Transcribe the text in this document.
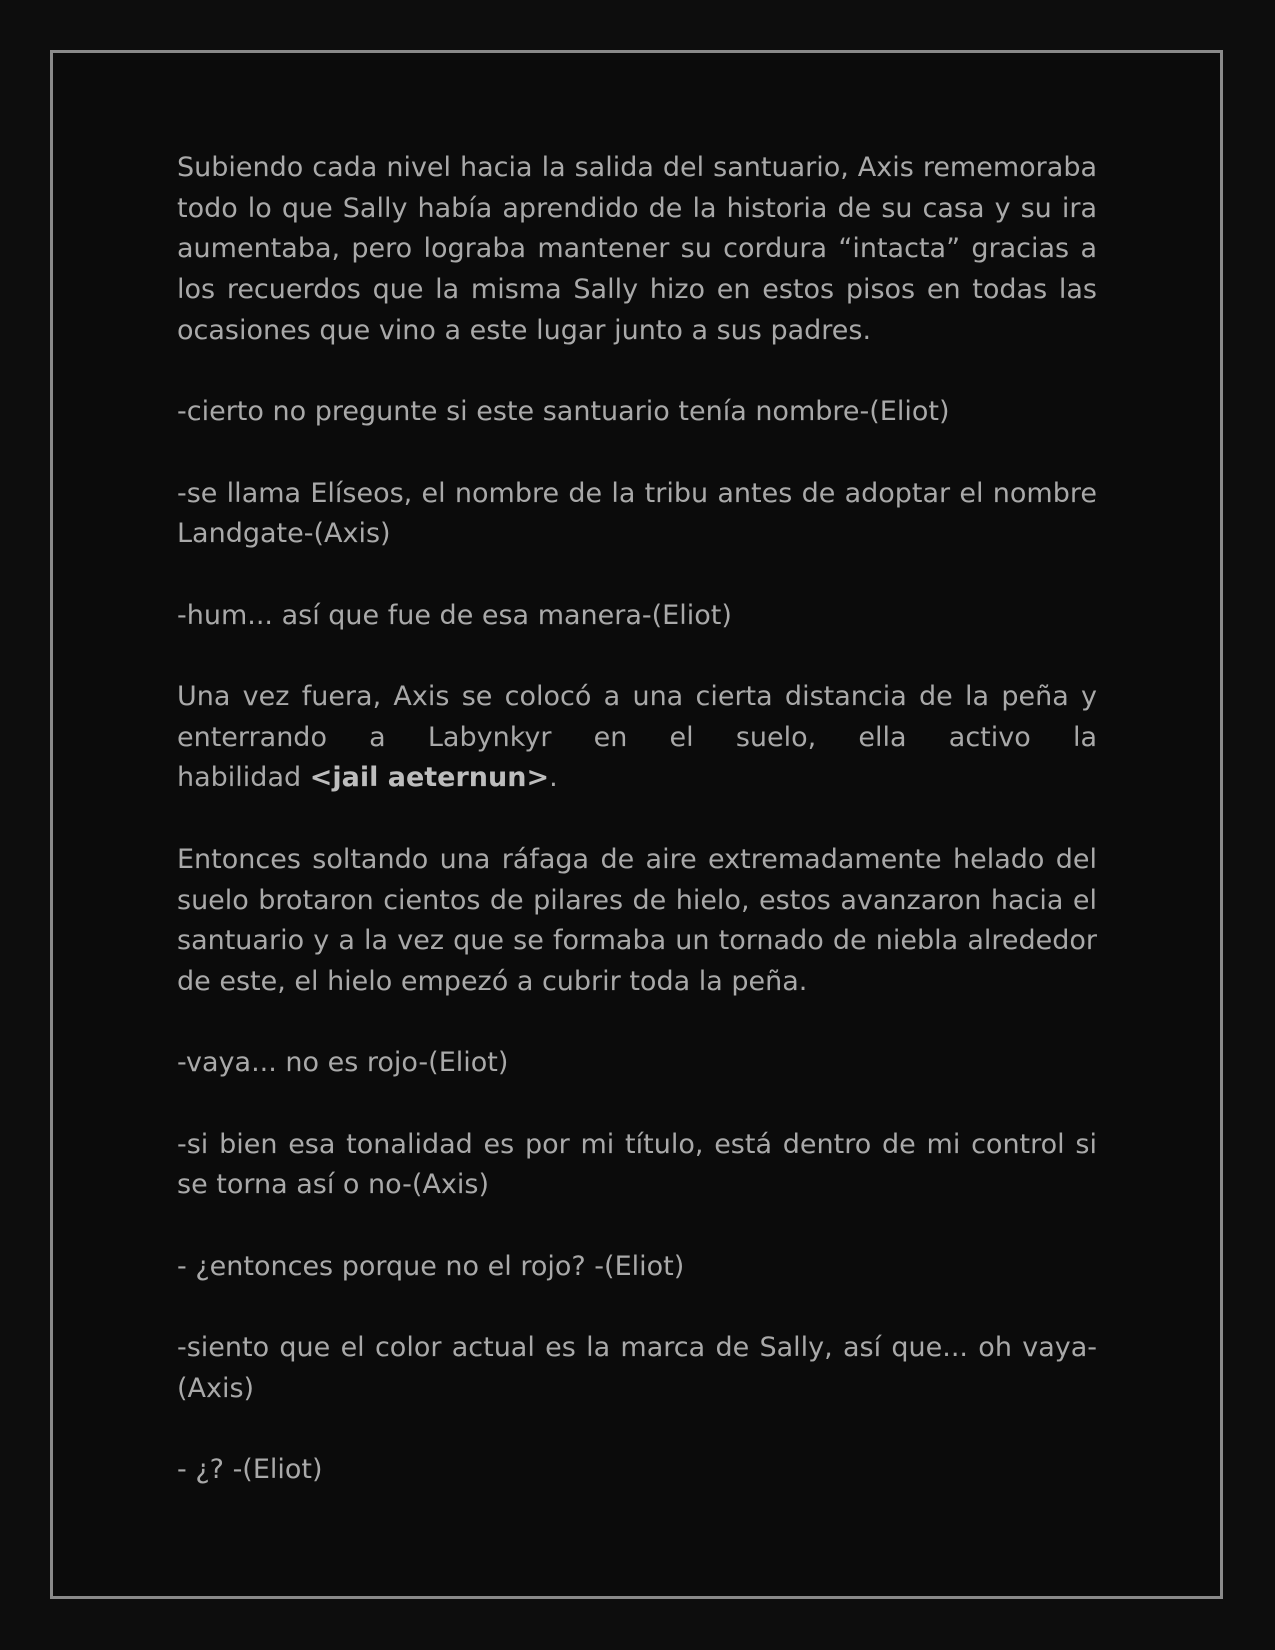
Subiendo cada nivel hacia la salida del santuario, Axis rememoraba todo lo que Sally había aprendido de la historia de su casa y su ira aumentaba, pero lograba mantener su cordura “intacta” gracias a los recuerdos que la misma Sally hizo en estos pisos en todas las ocasiones que vino a este lugar junto a sus padres.

-cierto no pregunte si este santuario tenía nombre-(Eliot)

-se llama Elíseos, el nombre de la tribu antes de adoptar el nombre Landgate-(Axis)

-hum... así que fue de esa manera-(Eliot)

Una vez fuera, Axis se colocó a una cierta distancia de la peña y enterrando a Labynkyr en el suelo, ella activo la
habilidad <jail aeternun>.

Entonces soltando una ráfaga de aire extremadamente helado del suelo brotaron cientos de pilares de hielo, estos avanzaron hacia el santuario y a la vez que se formaba un tornado de niebla alrededor de este, el hielo empezó a cubrir toda la peña.

-vaya... no es rojo-(Eliot)

-si bien esa tonalidad es por mi título, está dentro de mi control si se torna así o no-(Axis)

- ¿entonces porque no el rojo? -(Eliot)

-siento que el color actual es la marca de Sally, así que... oh vaya-(Axis)

- ¿? -(Eliot)
